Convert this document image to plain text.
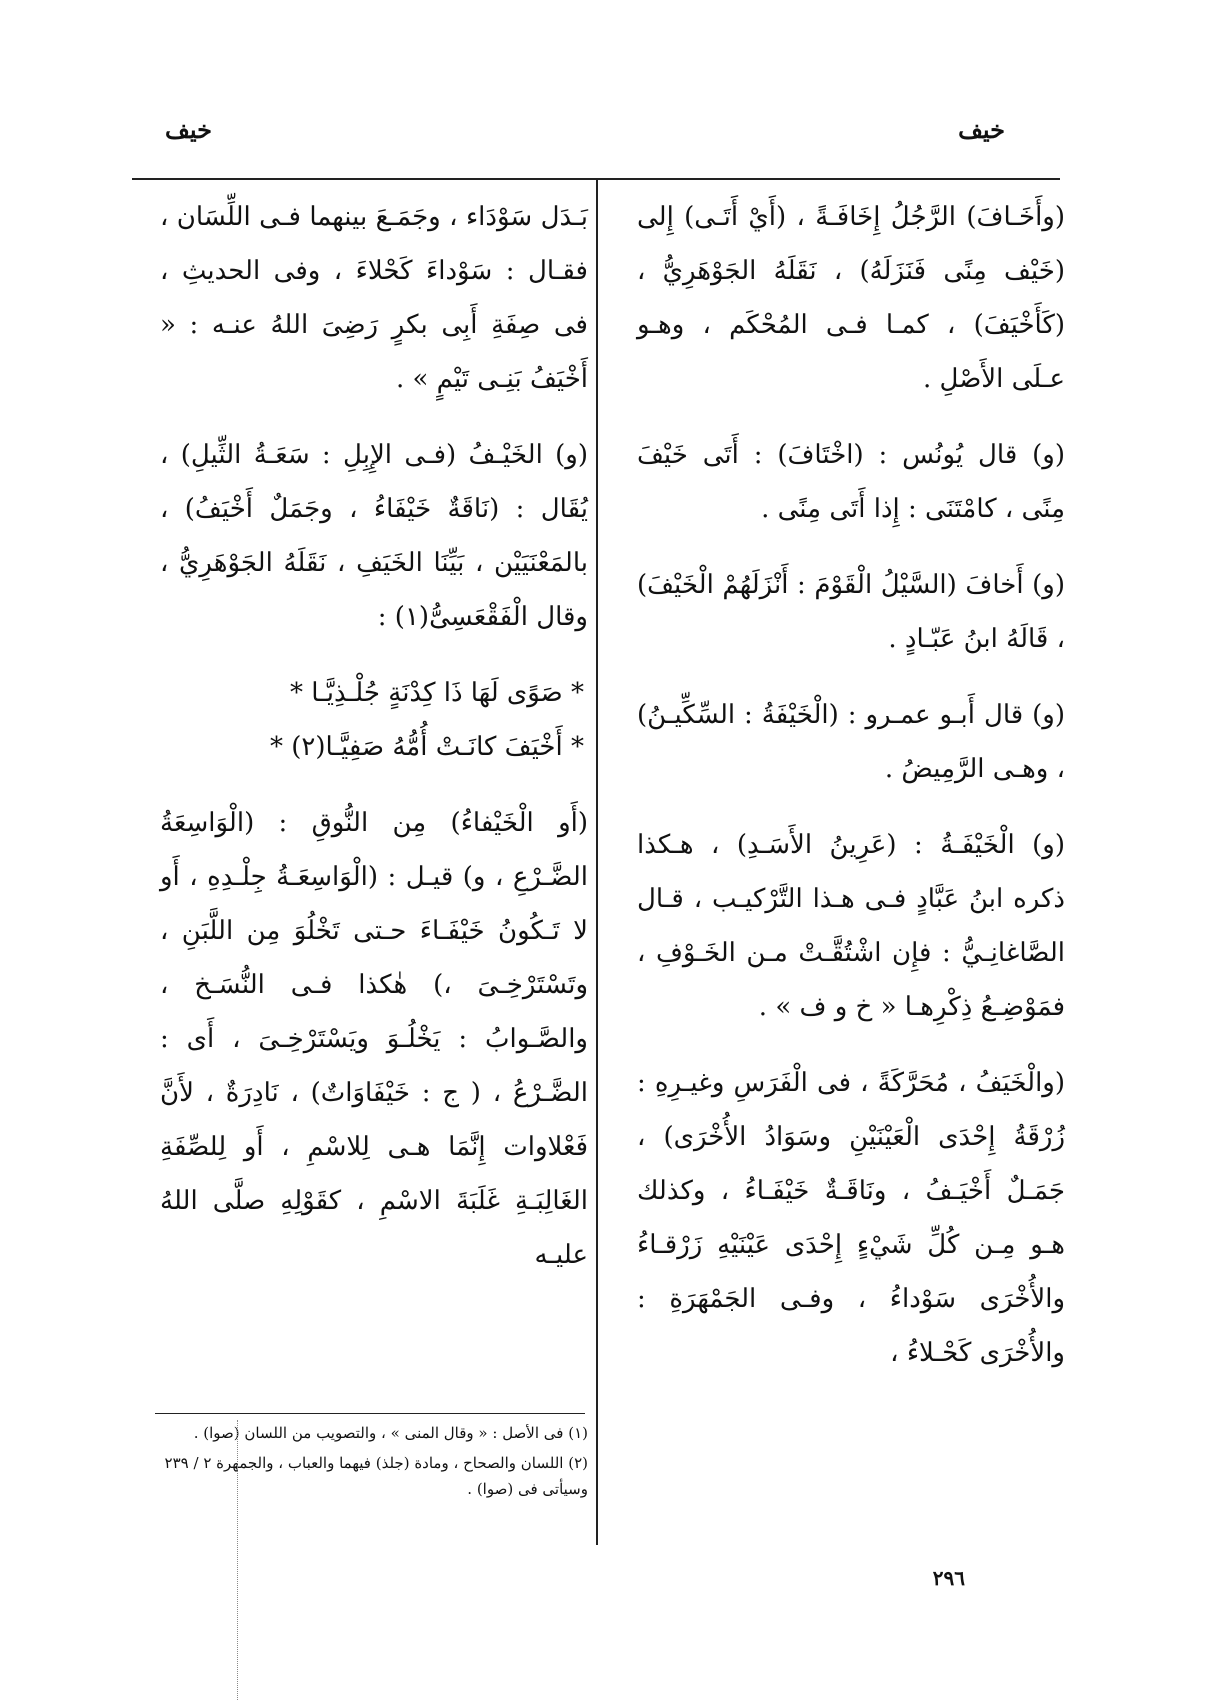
خيف
خيف

(وأَخَـافَ) الرَّجُلُ إِخَافَـةً ، (أَيْ أَتَـى) إِلى (خَيْف مِنًى فَنَزَلَهُ) ، نَقَلَهُ الجَوْهَرِيُّ ، (كَأَخْيَفَ) ، كمـا فـى المُحْكَم ، وهـو عـلَى الأَصْلِ .

(و) قال يُونُس : (اخْتَافَ) : أَتَى خَيْفَ مِنًى ، كامْتَنَى : إِذا أَتَى مِنًى .

(و) أَخافَ (السَّيْلُ الْقَوْمَ : أَنْزَلَهُمْ الْخَيْفَ) ، قَالَهُ ابنُ عَبّـادٍ .

(و) قال أَبـو عمـرو : (الْخَيْفَةُ : السِّكِّيـنُ) ، وهـى الرَّمِيضُ .

(و) الْخَيْفَـةُ : (عَرِينُ الأَسَـدِ) ، هـكذا ذكره ابنُ عَبَّادٍ فـى هـذا التَّرْكيـب ، قـال الصَّاغانِـيُّ : فإِن اشْتُقَّـتْ مـن الخَـوْفِ ، فمَوْضِـعُ ذِكْرِهـا « خ و ف » .

(والْخَيَفُ ، مُحَرَّكَةً ، فى الْفَرَسِ وغيـرِهِ : زُرْقَةُ إِحْدَى الْعَيْنَيْنِ وسَوَادُ الأُخْرَى) ، جَمَـلٌ أَخْيَـفُ ، ونَاقَـةٌ خَيْفَـاءُ ، وكذلك هـو مِـن كُلِّ شَيْءٍ إِحْدَى عَيْنَيْهِ زَرْقـاءُ والأُخْرَى سَوْداءُ ، وفـى الجَمْهَرَةِ : والأُخْرَى كَحْـلاءُ ،

بَـدَل سَوْدَاء ، وجَمَـعَ بينهما فـى اللِّسَان ، فقـال : سَوْداءَ كَحْلاءَ ، وفى الحديثِ ، فى صِفَةِ أَبِى بكرٍ رَضِىَ اللهُ عنـه : « أَخْيَفُ بَنِـى تَيْمٍ » .

(و) الخَيْـفُ (فـى الإِبِلِ : سَعَـةُ الثِّيلِ) ، يُقَال : (نَاقَةٌ خَيْفَاءُ ، وجَمَلٌ أَخْيَفُ) ، بالمَعْنَيَيْن ، بَيِّنَا الخَيَفِ ، نَقَلَهُ الجَوْهَرِيُّ ، وقال الْفَقْعَسِىُّ(١) :

* صَوًى لَهَا ذَا كِدْنَةٍ جُلْـذِيَّـا *

* أَخْيَفَ كانَـتْ أُمُّهُ صَفِيَّـا(٢) *

(أَو الْخَيْفاءُ) مِن النُّوقِ : (الْوَاسِعَةُ الضَّـرْعِ ، و) قيـل : (الْوَاسِعَـةُ جِلْـدِهِ ، أَو لا تَـكُونُ خَيْفَـاءَ حـتى تَخْلُوَ مِن اللَّبَنِ ، وتَسْتَرْخِـىَ ،) هٰكذا فـى النُّسَـخ ، والصَّـوابُ : يَخْلُـوَ ويَسْتَرْخِـىَ ، أَى : الضَّـرْعُ ، ( ج : خَيْفَاوَاتٌ) ، نَادِرَةٌ ، لأَنَّ فَعْلاوات إِنَّمَا هـى لِلاسْمِ ، أَو لِلصِّفَةِ الغَالِبَـةِ غَلَبَةَ الاسْمِ ، كقَوْلِهِ صلَّى اللهُ عليـه

(١) فى الأصل : « وقال المنى » ، والتصويب من اللسان (صوا) .

(٢) اللسان والصحاح ، ومادة (جلذ) فيهما والعباب ، والجمهرة ٢ / ٢٣٩ وسيأتى فى (صوا) .

٢٩٦
